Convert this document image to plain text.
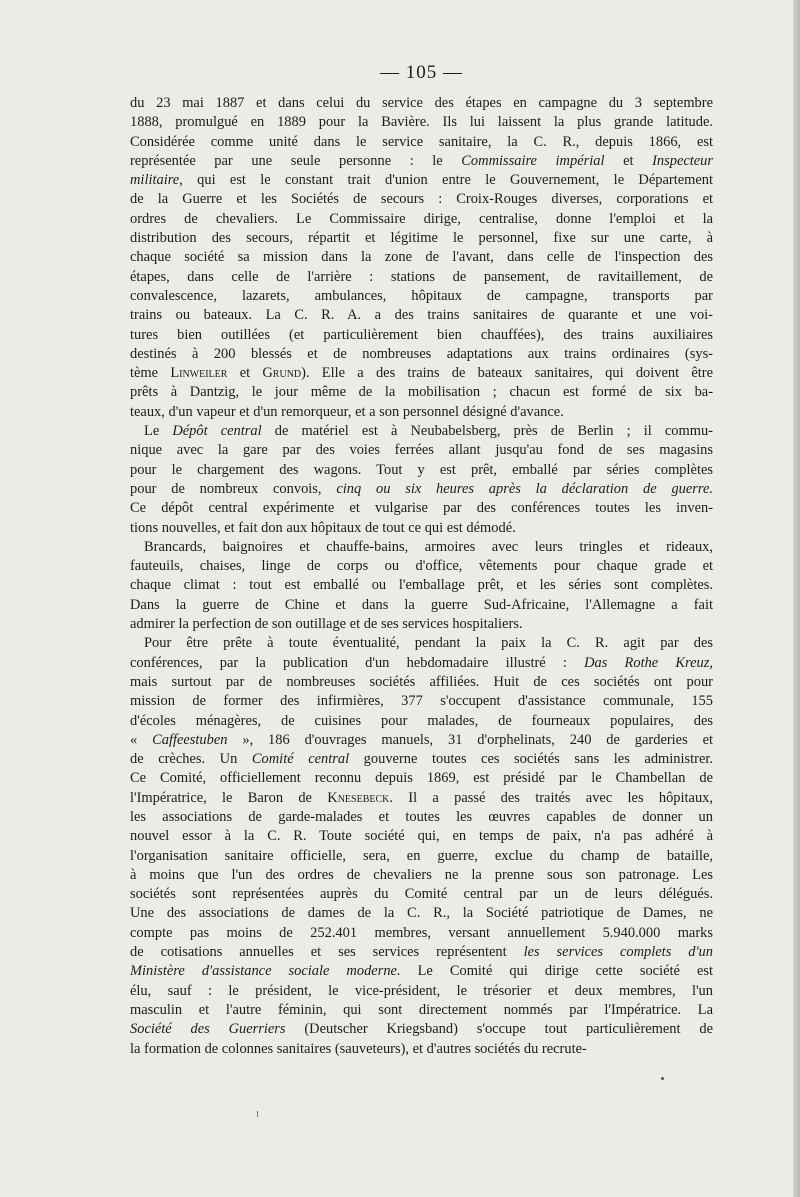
— 105 —
du 23 mai 1887 et dans celui du service des étapes en campagne du 3 septembre
1888, promulgué en 1889 pour la Bavière. Ils lui laissent la plus grande latitude.
Considérée comme unité dans le service sanitaire, la C. R., depuis 1866, est
représentée par une seule personne : le Commissaire impérial et Inspecteur
militaire, qui est le constant trait d'union entre le Gouvernement, le Département
de la Guerre et les Sociétés de secours : Croix-Rouges diverses, corporations et
ordres de chevaliers. Le Commissaire dirige, centralise, donne l'emploi et la
distribution des secours, répartit et légitime le personnel, fixe sur une carte, à
chaque société sa mission dans la zone de l'avant, dans celle de l'inspection des
étapes, dans celle de l'arrière : stations de pansement, de ravitaillement, de
convalescence, lazarets, ambulances, hôpitaux de campagne, transports par
trains ou bateaux. La C. R. A. a des trains sanitaires de quarante et une voi-
tures bien outillées (et particulièrement bien chauffées), des trains auxiliaires
destinés à 200 blessés et de nombreuses adaptations aux trains ordinaires (sys-
tème Linweiler et Grund). Elle a des trains de bateaux sanitaires, qui doivent être
prêts à Dantzig, le jour même de la mobilisation ; chacun est formé de six ba-
teaux, d'un vapeur et d'un remorqueur, et a son personnel désigné d'avance.
Le Dépôt central de matériel est à Neubabelsberg, près de Berlin ; il commu-
nique avec la gare par des voies ferrées allant jusqu'au fond de ses magasins
pour le chargement des wagons. Tout y est prêt, emballé par séries complètes
pour de nombreux convois, cinq ou six heures après la déclaration de guerre.
Ce dépôt central expérimente et vulgarise par des conférences toutes les inven-
tions nouvelles, et fait don aux hôpitaux de tout ce qui est démodé.
Brancards, baignoires et chauffe-bains, armoires avec leurs tringles et rideaux,
fauteuils, chaises, linge de corps ou d'office, vêtements pour chaque grade et
chaque climat : tout est emballé ou l'emballage prêt, et les séries sont complètes.
Dans la guerre de Chine et dans la guerre Sud-Africaine, l'Allemagne a fait
admirer la perfection de son outillage et de ses services hospitaliers.
Pour être prête à toute éventualité, pendant la paix la C. R. agit par des
conférences, par la publication d'un hebdomadaire illustré : Das Rothe Kreuz,
mais surtout par de nombreuses sociétés affiliées. Huit de ces sociétés ont pour
mission de former des infirmières, 377 s'occupent d'assistance communale, 155
d'écoles ménagères, de cuisines pour malades, de fourneaux populaires, des
« Caffeestuben », 186 d'ouvrages manuels, 31 d'orphelinats, 240 de garderies et
de crèches. Un Comité central gouverne toutes ces sociétés sans les administrer.
Ce Comité, officiellement reconnu depuis 1869, est présidé par le Chambellan de
l'Impératrice, le Baron de Knesebeck. Il a passé des traités avec les hôpitaux,
les associations de garde-malades et toutes les œuvres capables de donner un
nouvel essor à la C. R. Toute société qui, en temps de paix, n'a pas adhéré à
l'organisation sanitaire officielle, sera, en guerre, exclue du champ de bataille,
à moins que l'un des ordres de chevaliers ne la prenne sous son patronage. Les
sociétés sont représentées auprès du Comité central par un de leurs délégués.
Une des associations de dames de la C. R., la Société patriotique de Dames, ne
compte pas moins de 252.401 membres, versant annuellement 5.940.000 marks
de cotisations annuelles et ses services représentent les services complets d'un
Ministère d'assistance sociale moderne. Le Comité qui dirige cette société est
élu, sauf : le président, le vice-président, le trésorier et deux membres, l'un
masculin et l'autre féminin, qui sont directement nommés par l'Impératrice. La
Société des Guerriers (Deutscher Kriegsband) s'occupe tout particulièrement de
la formation de colonnes sanitaires (sauveteurs), et d'autres sociétés du recrute-
